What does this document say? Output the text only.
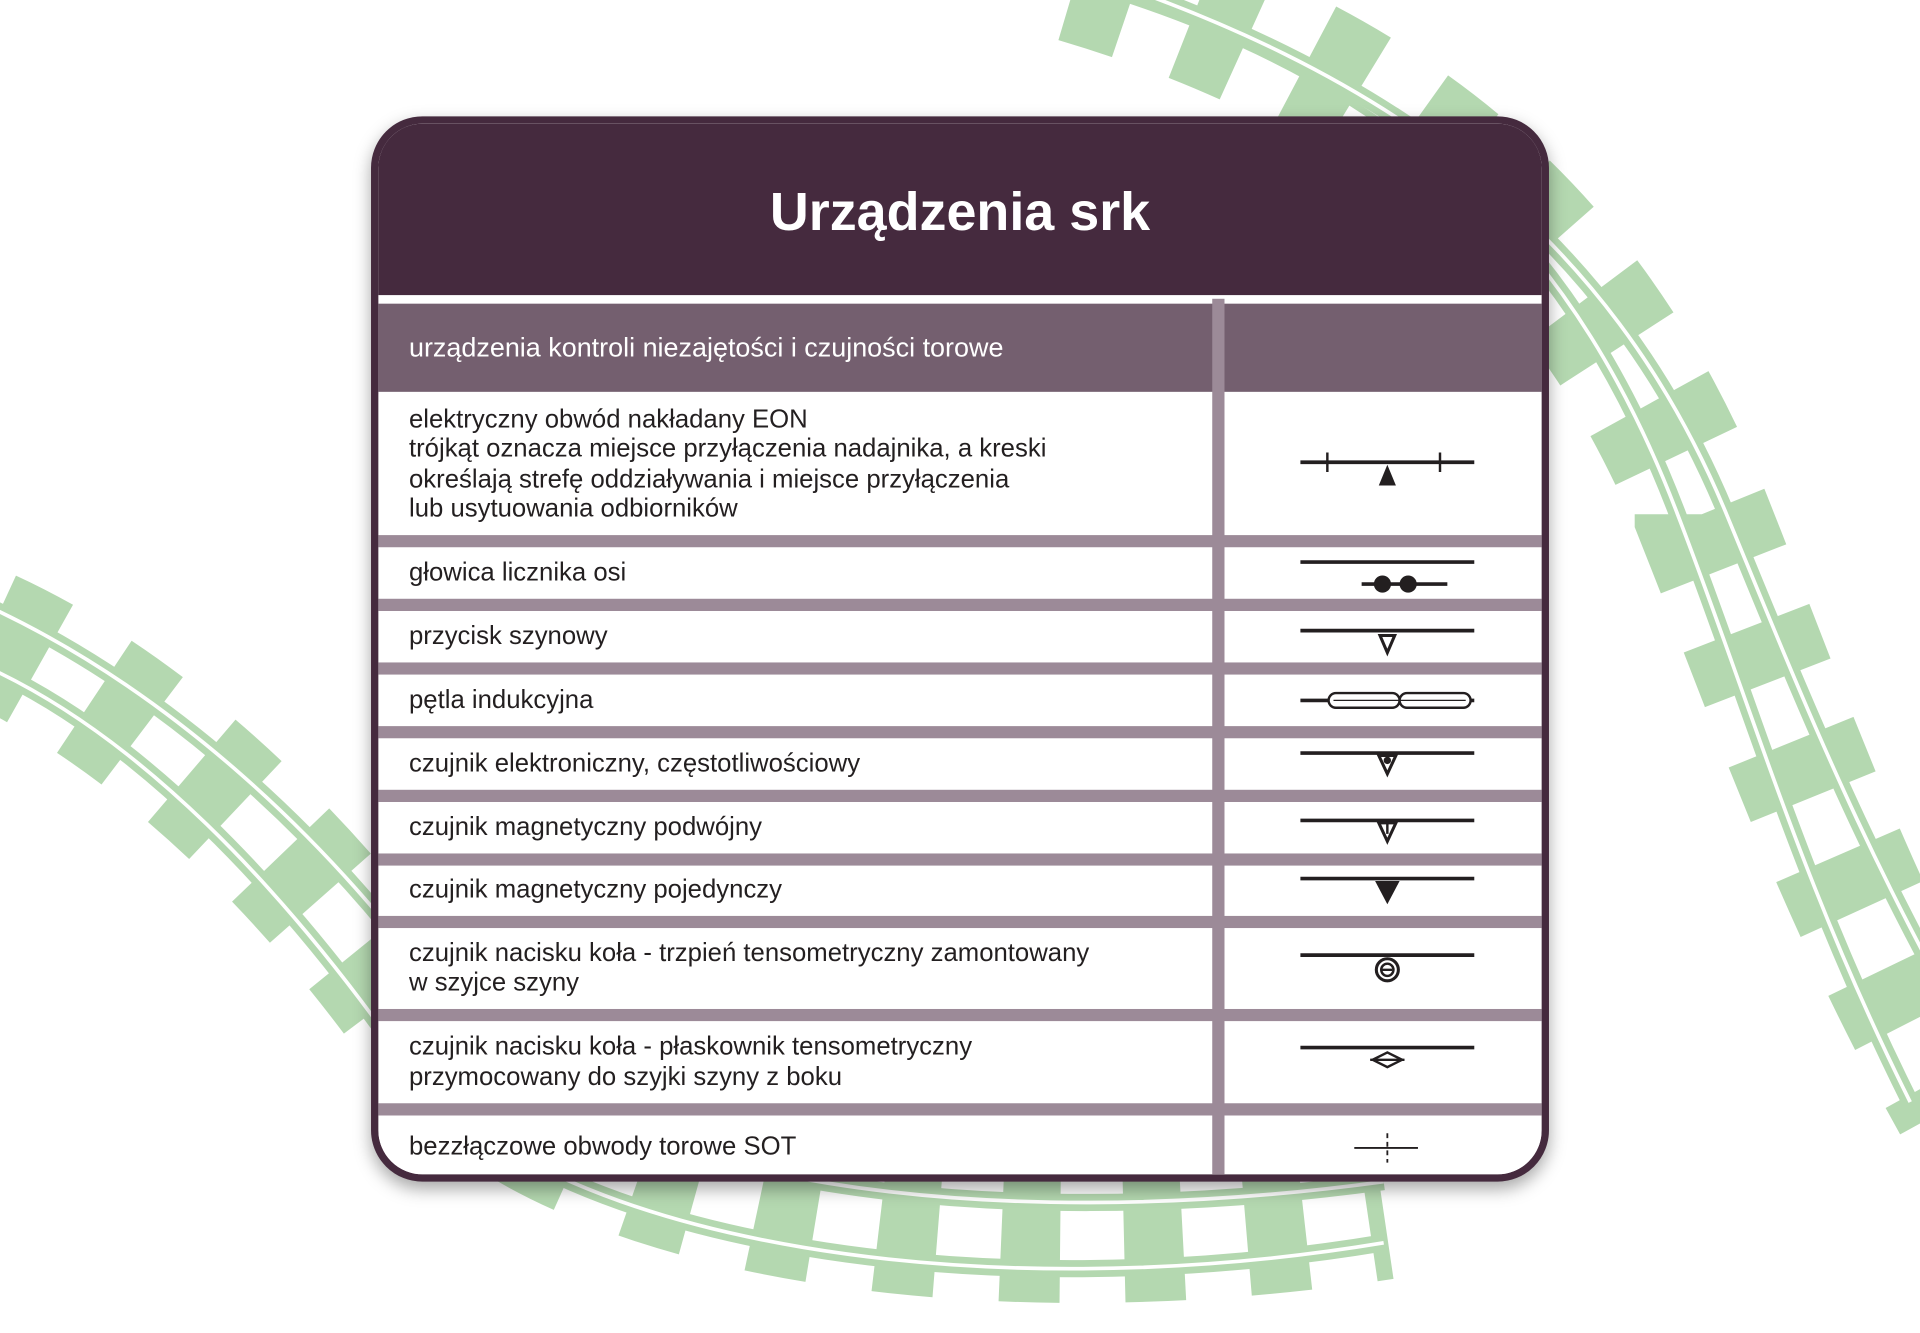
Urządzenia srk
urządzenia kontroli niezajętości i czujności torowe
elektryczny obwód nakładany EON
trójkąt oznacza miejsce przyłączenia nadajnika, a kreski
określają strefę oddziaływania i miejsce przyłączenia
lub usytuowania odbiorników
głowica licznika osi
przycisk szynowy
pętla indukcyjna
czujnik elektroniczny, częstotliwościowy
czujnik magnetyczny podwójny
czujnik magnetyczny pojedynczy
czujnik nacisku koła - trzpień tensometryczny zamontowany
w szyjce szyny
czujnik nacisku koła - płaskownik tensometryczny
przymocowany do szyjki szyny z boku
bezzłączowe obwody torowe SOT
